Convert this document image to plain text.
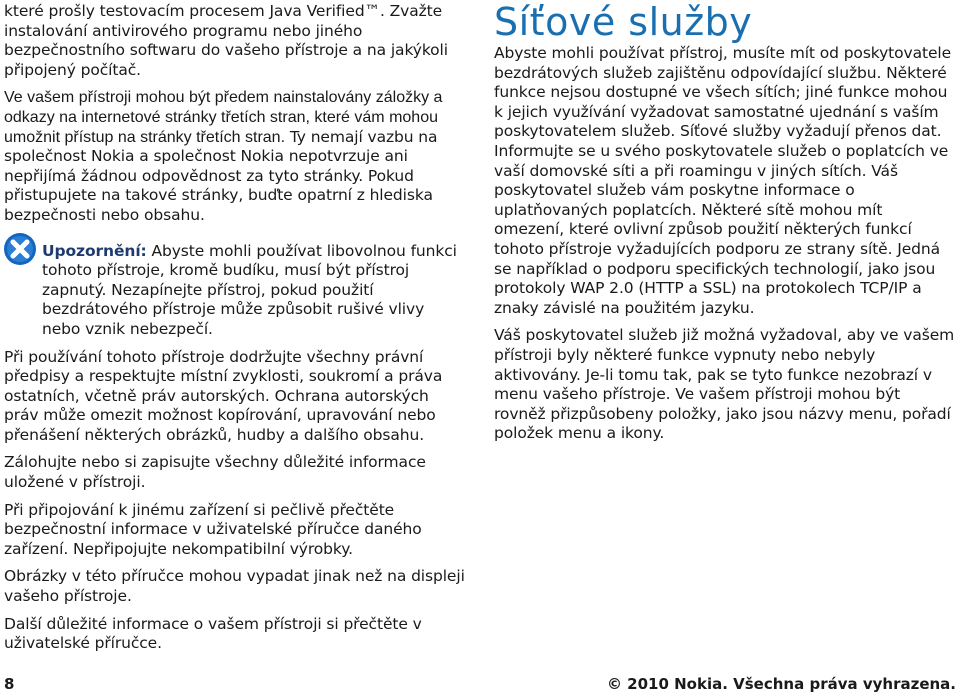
které prošly testovacím procesem Java Verified™. Zvažte instalování antivirového programu nebo jiného bezpečnostního softwaru do vašeho přístroje a na jakýkoli připojený počítač.

Ve vašem přístroji mohou být předem nainstalovány záložky a odkazy na internetové stránky třetích stran, které vám mohou umožnit přístup na stránky třetích stran. Ty nemají vazbu na společnost Nokia a společnost Nokia nepotvrzuje ani nepřijímá žádnou odpovědnost za tyto stránky. Pokud přistupujete na takové stránky, buďte opatrní z hlediska bezpečnosti nebo obsahu.

Upozornění: Abyste mohli používat libovolnou funkci tohoto přístroje, kromě budíku, musí být přístroj zapnutý. Nezapínejte přístroj, pokud použití bezdrátového přístroje může způsobit rušivé vlivy nebo vznik nebezpečí.

Při používání tohoto přístroje dodržujte všechny právní předpisy a respektujte místní zvyklosti, soukromí a práva ostatních, včetně práv autorských. Ochrana autorských práv může omezit možnost kopírování, upravování nebo přenášení některých obrázků, hudby a dalšího obsahu.

Zálohujte nebo si zapisujte všechny důležité informace uložené v přístroji.

Při připojování k jinému zařízení si pečlivě přečtěte bezpečnostní informace v uživatelské příručce daného zařízení. Nepřipojujte nekompatibilní výrobky.

Obrázky v této příručce mohou vypadat jinak než na displeji vašeho přístroje.

Další důležité informace o vašem přístroji si přečtěte v uživatelské příručce.

Síťové služby

Abyste mohli používat přístroj, musíte mít od poskytovatele bezdrátových služeb zajištěnu odpovídající službu. Některé funkce nejsou dostupné ve všech sítích; jiné funkce mohou k jejich využívání vyžadovat samostatné ujednání s vaším poskytovatelem služeb. Síťové služby vyžadují přenos dat. Informujte se u svého poskytovatele služeb o poplatcích ve vaší domovské síti a při roamingu v jiných sítích. Váš poskytovatel služeb vám poskytne informace o uplatňovaných poplatcích. Některé sítě mohou mít omezení, které ovlivní způsob použití některých funkcí tohoto přístroje vyžadujících podporu ze strany sítě. Jedná se například o podporu specifických technologií, jako jsou protokoly WAP 2.0 (HTTP a SSL) na protokolech TCP/IP a znaky závislé na použitém jazyku.

Váš poskytovatel služeb již možná vyžadoval, aby ve vašem přístroji byly některé funkce vypnuty nebo nebyly aktivovány. Je-li tomu tak, pak se tyto funkce nezobrazí v menu vašeho přístroje. Ve vašem přístroji mohou být rovněž přizpůsobeny položky, jako jsou názvy menu, pořadí položek menu a ikony.

8	© 2010 Nokia. Všechna práva vyhrazena.
